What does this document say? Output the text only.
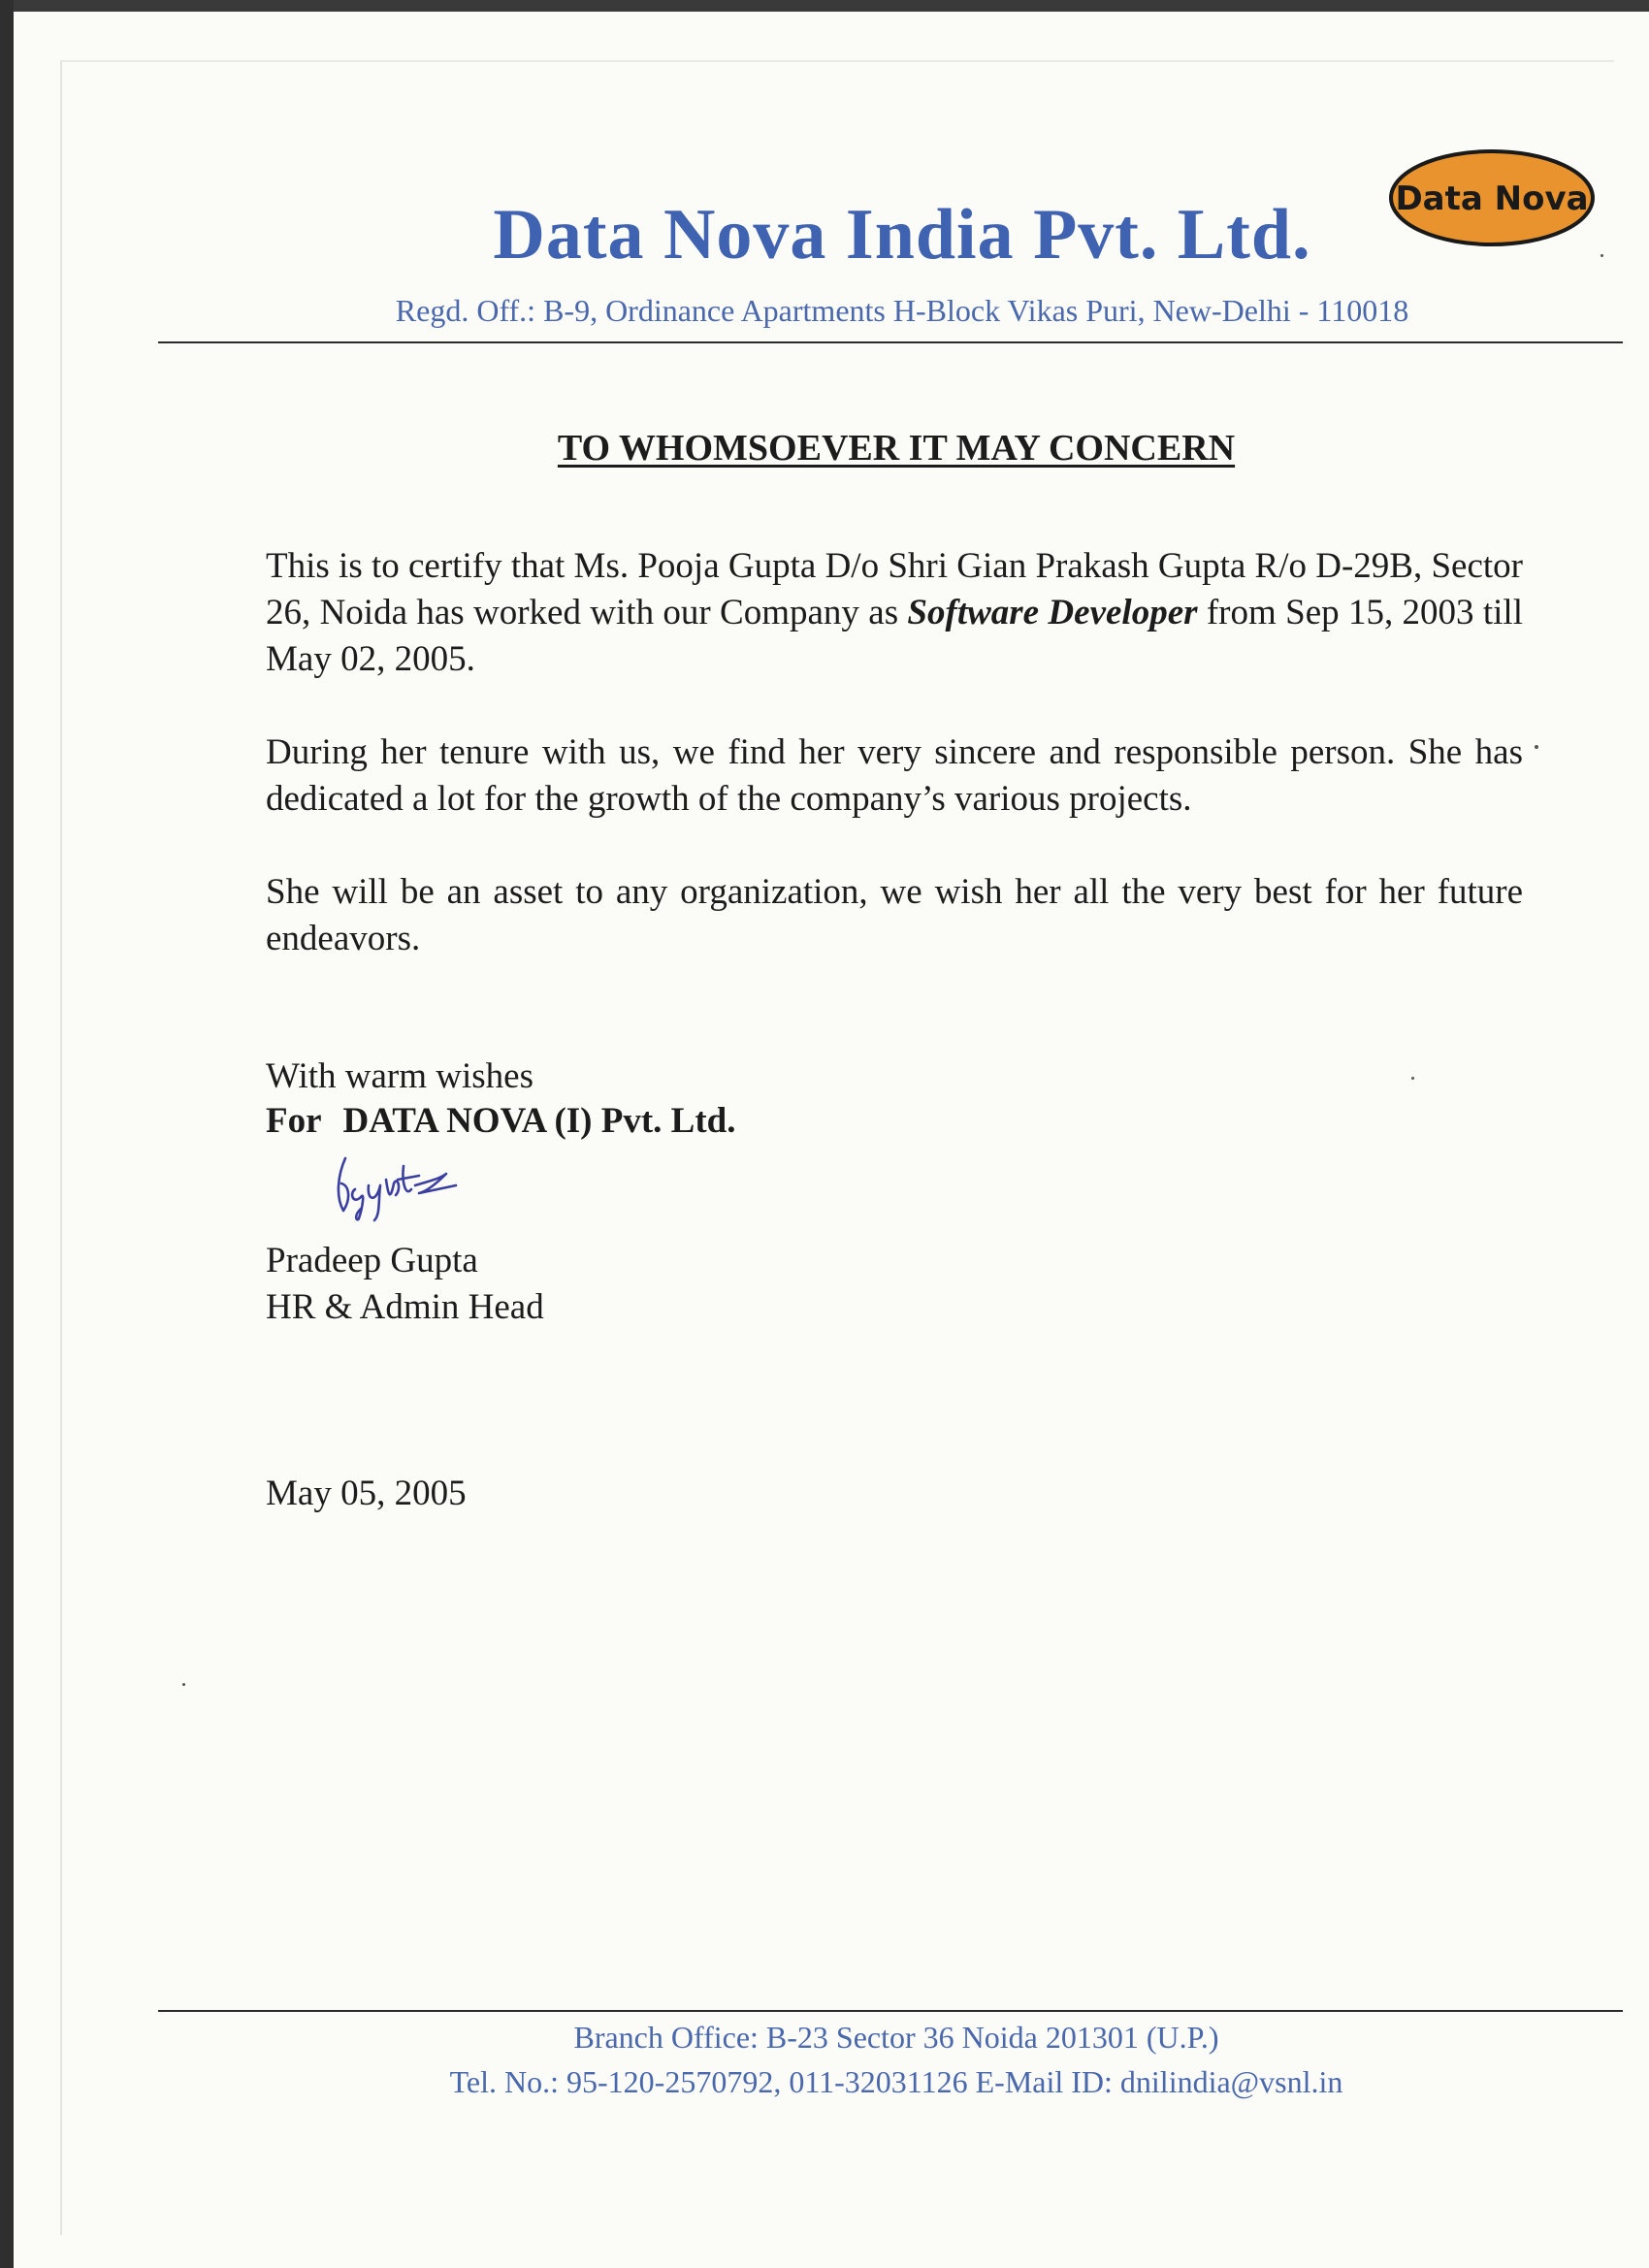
Data Nova India Pvt. Ltd.	Data Nova
Regd. Off.: B-9, Ordinance Apartments H-Block Vikas Puri, New-Delhi - 110018
TO WHOMSOEVER IT MAY CONCERN
This is to certify that Ms. Pooja Gupta D/o Shri Gian Prakash Gupta R/o D-29B, Sector 26, Noida has worked with our Company as Software Developer from Sep 15, 2003 till May 02, 2005.
During her tenure with us, we find her very sincere and responsible person. She has dedicated a lot for the growth of the company’s various projects.
She will be an asset to any organization, we wish her all the very best for her future endeavors.
With warm wishes
For DATA NOVA (I) Pvt. Ltd.
Pradeep Gupta
HR & Admin Head
May 05, 2005
Branch Office: B-23 Sector 36 Noida 201301 (U.P.)
Tel. No.: 95-120-2570792, 011-32031126 E-Mail ID: dnilindia@vsnl.in
